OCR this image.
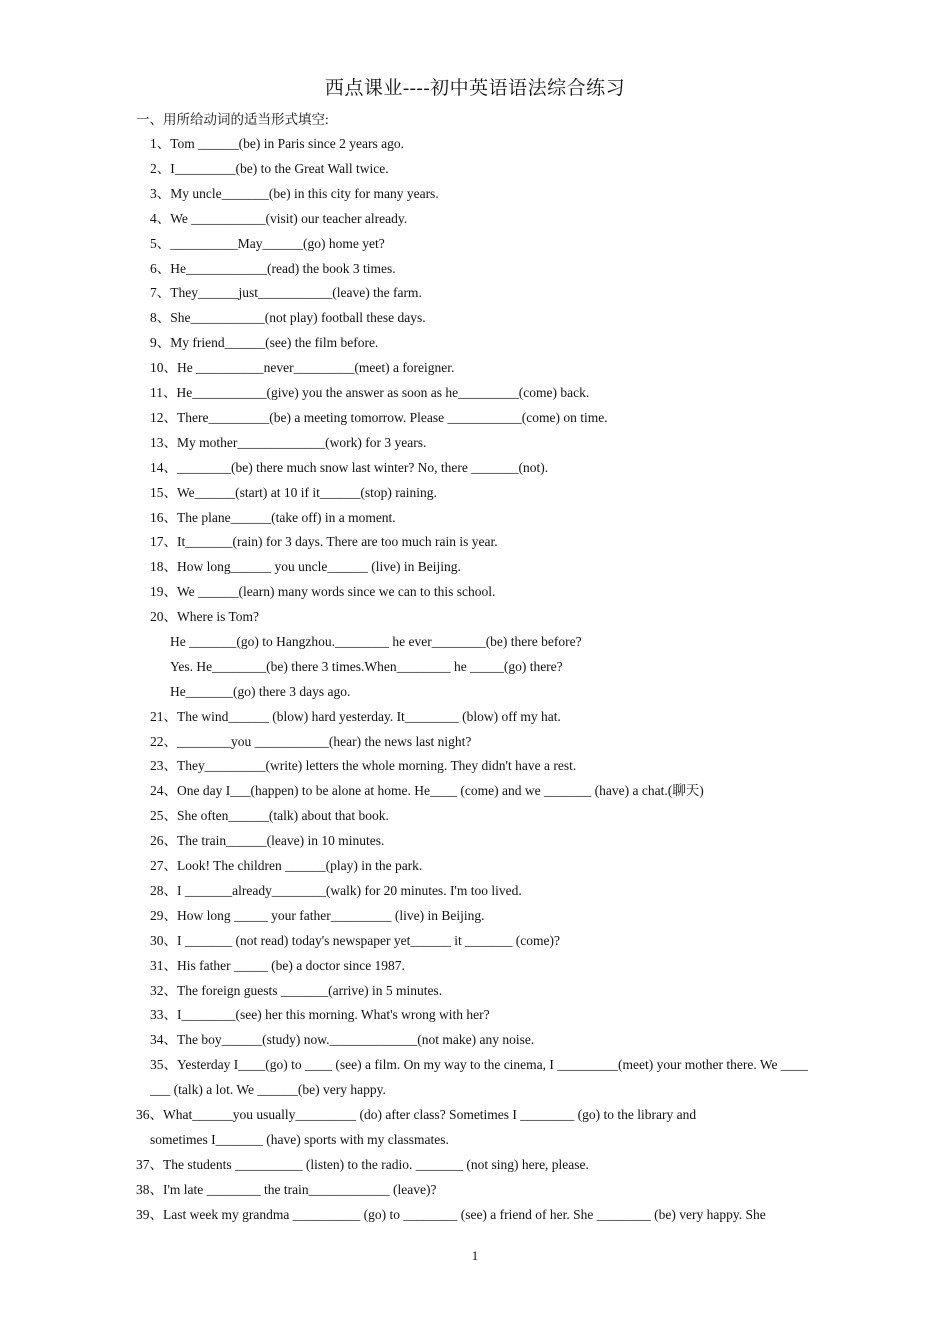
西点课业----初中英语语法综合练习
一、用所给动词的适当形式填空:
1、Tom ______(be) in Paris since 2 years ago.
2、I_________(be) to the Great Wall twice.
3、My uncle_______(be) in this city for many years.
4、We ___________(visit) our teacher already.
5、__________May______(go) home yet?
6、He____________(read) the book 3 times.
7、They______just___________(leave) the farm.
8、She___________(not play) football these days.
9、My friend______(see) the film before.
10、He __________never_________(meet) a foreigner.
11、He___________(give) you the answer as soon as he_________(come) back.
12、There_________(be) a meeting tomorrow. Please ___________(come) on time.
13、My mother_____________(work) for 3 years.
14、________(be) there much snow last winter? No, there _______(not).
15、We______(start) at 10 if it______(stop) raining.
16、The plane______(take off) in a moment.
17、It_______(rain) for 3 days. There are too much rain is year.
18、How long______ you uncle______ (live) in Beijing.
19、We ______(learn) many words since we can to this school.
20、Where is Tom?
He _______(go) to Hangzhou.________ he ever________(be) there before?
Yes. He________(be) there 3 times.When________ he _____(go) there?
He_______(go) there 3 days ago.
21、The wind______ (blow) hard yesterday. It________ (blow) off my hat.
22、________you ___________(hear) the news last night?
23、They_________(write) letters the whole morning. They didn't have a rest.
24、One day I___(happen) to be alone at home. He____ (come) and we _______ (have) a chat.(聊天)
25、She often______(talk) about that book.
26、The train______(leave) in 10 minutes.
27、Look! The children ______(play) in the park.
28、I _______already________(walk) for 20 minutes. I'm too lived.
29、How long _____ your father_________ (live) in Beijing.
30、I _______ (not read) today's newspaper yet______ it _______ (come)?
31、His father _____ (be) a doctor since 1987.
32、The foreign guests _______(arrive) in 5 minutes.
33、I________(see) her this morning. What's wrong with her?
34、The boy______(study) now._____________(not make) any noise.
35、Yesterday I____(go) to ____ (see) a film. On my way to the cinema, I _________(meet) your mother there. We ____
___ (talk) a lot. We ______(be) very happy.
36、What______you usually_________ (do) after class? Sometimes I ________ (go) to the library and
sometimes I_______ (have) sports with my classmates.
37、The students __________ (listen) to the radio. _______ (not sing) here, please.
38、I'm late ________ the train____________ (leave)?
39、Last week my grandma __________ (go) to ________ (see) a friend of her. She ________ (be) very happy. She
1
